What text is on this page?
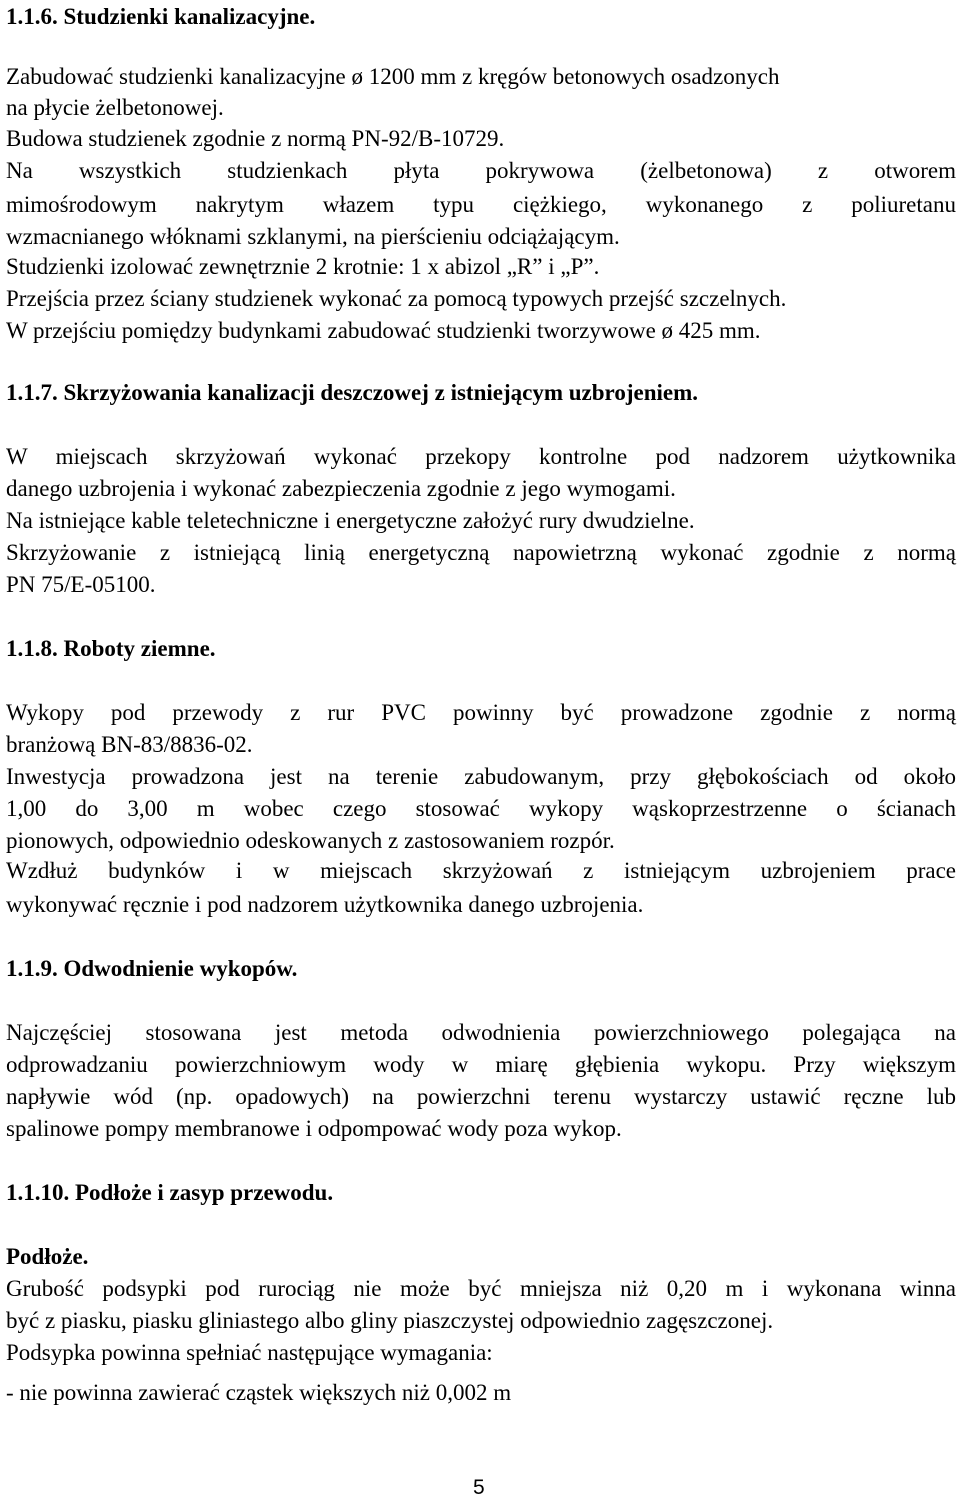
1.1.6. Studzienki kanalizacyjne.
Zabudować studzienki kanalizacyjne ø 1200 mm z kręgów betonowych osadzonych
na płycie żelbetonowej.
Budowa studzienek zgodnie z normą PN-92/B-10729.
Na wszystkich studzienkach płyta pokrywowa (żelbetonowa) z otworem
mimośrodowym nakrytym włazem typu ciężkiego, wykonanego z poliuretanu
wzmacnianego włóknami szklanymi, na pierścieniu odciążającym.
Studzienki izolować zewnętrznie 2 krotnie: 1 x abizol „R” i „P”.
Przejścia przez ściany studzienek wykonać za pomocą typowych przejść szczelnych.
W przejściu pomiędzy budynkami zabudować studzienki tworzywowe ø 425 mm.
1.1.7. Skrzyżowania kanalizacji deszczowej z istniejącym uzbrojeniem.
W miejscach skrzyżowań wykonać przekopy kontrolne pod nadzorem użytkownika
danego uzbrojenia i wykonać zabezpieczenia zgodnie z jego wymogami.
Na istniejące kable teletechniczne i energetyczne założyć rury dwudzielne.
Skrzyżowanie z istniejącą linią energetyczną napowietrzną wykonać zgodnie z normą
PN 75/E-05100.
1.1.8. Roboty ziemne.
Wykopy pod przewody z rur PVC powinny być prowadzone zgodnie z normą
branżową BN-83/8836-02.
Inwestycja prowadzona jest na terenie zabudowanym, przy głębokościach od około
1,00 do 3,00 m wobec czego stosować wykopy wąskoprzestrzenne o ścianach
pionowych, odpowiednio odeskowanych z zastosowaniem rozpór.
Wzdłuż budynków i w miejscach skrzyżowań z istniejącym uzbrojeniem prace
wykonywać ręcznie i pod nadzorem użytkownika danego uzbrojenia.
1.1.9. Odwodnienie wykopów.
Najczęściej stosowana jest metoda odwodnienia powierzchniowego polegająca na
odprowadzaniu powierzchniowym wody w miarę głębienia wykopu. Przy większym
napływie wód (np. opadowych) na powierzchni terenu wystarczy ustawić ręczne lub
spalinowe pompy membranowe i odpompować wody poza wykop.
1.1.10. Podłoże i zasyp przewodu.
Podłoże.
Grubość podsypki pod rurociąg nie może być mniejsza niż 0,20 m i wykonana winna
być z piasku, piasku gliniastego albo gliny piaszczystej odpowiednio zagęszczonej.
Podsypka powinna spełniać następujące wymagania:
- nie powinna zawierać cząstek większych niż 0,002 m
5
